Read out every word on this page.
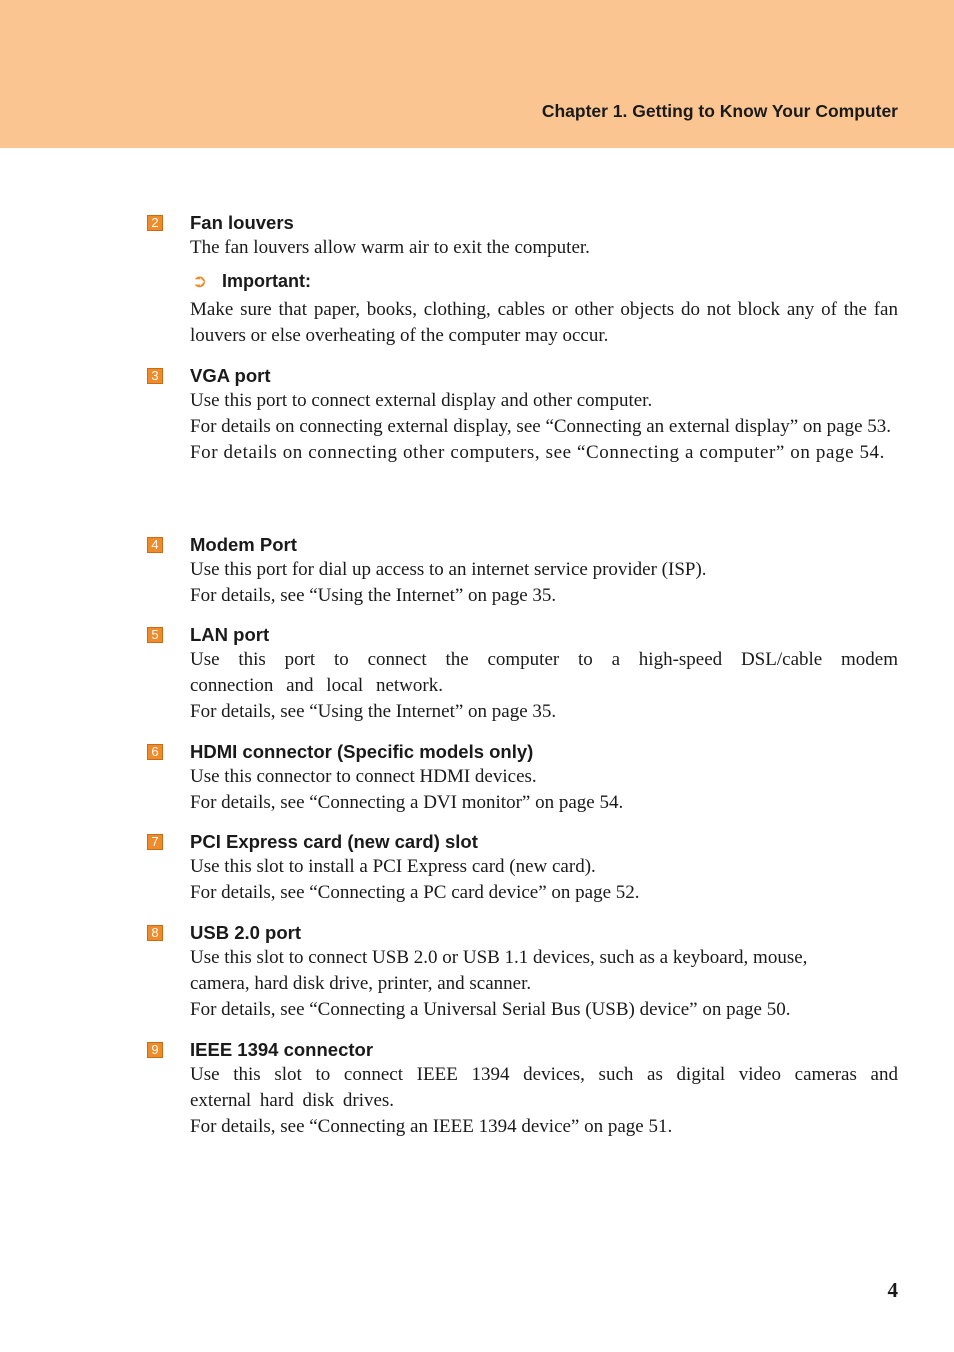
Chapter 1. Getting to Know Your Computer
2 Fan louvers

The fan louvers allow warm air to exit the computer.

➲ Important:

Make sure that paper, books, clothing, cables or other objects do not block any of the fan louvers or else overheating of the computer may occur.

3 VGA port

Use this port to connect external display and other computer.

For details on connecting external display, see “Connecting an external display” on page 53.

For details on connecting other computers, see “Connecting a computer” on page 54.

4 Modem Port

Use this port for dial up access to an internet service provider (ISP).

For details, see “Using the Internet” on page 35.

5 LAN port

Use this port to connect the computer to a high-speed DSL/cable modem connection and local network.

For details, see “Using the Internet” on page 35.

6 HDMI connector (Specific models only)

Use this connector to connect HDMI devices.

For details, see “Connecting a DVI monitor” on page 54.

7 PCI Express card (new card) slot

Use this slot to install a PCI Express card (new card).

For details, see “Connecting a PC card device” on page 52.

8 USB 2.0 port

Use this slot to connect USB 2.0 or USB 1.1 devices, such as a keyboard, mouse, camera, hard disk drive, printer, and scanner.

For details, see “Connecting a Universal Serial Bus (USB) device” on page 50.

9 IEEE 1394 connector

Use this slot to connect IEEE 1394 devices, such as digital video cameras and external hard disk drives.

For details, see “Connecting an IEEE 1394 device” on page 51.

4
